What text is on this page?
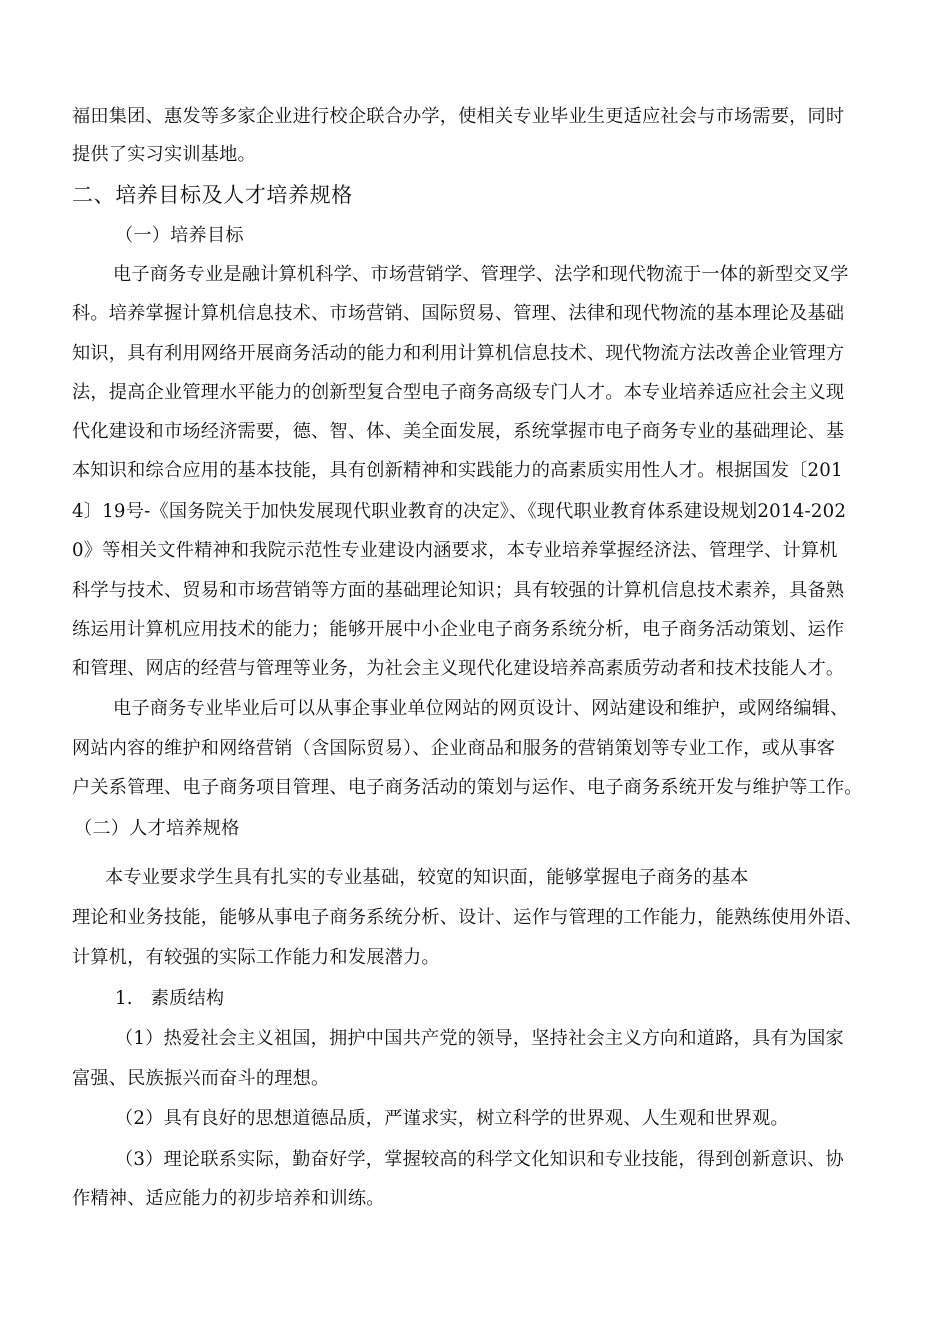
福田集团、惠发等多家企业进行校企联合办学，使相关专业毕业生更适应社会与市场需要，同时
提供了实习实训基地。
二、培养目标及人才培养规格
（一）培养目标
电子商务专业是融计算机科学、市场营销学、管理学、法学和现代物流于一体的新型交叉学
科。培养掌握计算机信息技术、市场营销、国际贸易、管理、法律和现代物流的基本理论及基础
知识，具有利用网络开展商务活动的能力和利用计算机信息技术、现代物流方法改善企业管理方
法，提高企业管理水平能力的创新型复合型电子商务高级专门人才。本专业培养适应社会主义现
代化建设和市场经济需要，德、智、体、美全面发展，系统掌握市电子商务专业的基础理论、基
本知识和综合应用的基本技能，具有创新精神和实践能力的高素质实用性人才。根据国发〔201
4〕19号-《国务院关于加快发展现代职业教育的决定》、《现代职业教育体系建设规划2014-202
0》等相关文件精神和我院示范性专业建设内涵要求，本专业培养掌握经济法、管理学、计算机
科学与技术、贸易和市场营销等方面的基础理论知识；具有较强的计算机信息技术素养，具备熟
练运用计算机应用技术的能力；能够开展中小企业电子商务系统分析，电子商务活动策划、运作
和管理、网店的经营与管理等业务，为社会主义现代化建设培养高素质劳动者和技术技能人才。
电子商务专业毕业后可以从事企事业单位网站的网页设计、网站建设和维护，或网络编辑、
网站内容的维护和网络营销（含国际贸易）、企业商品和服务的营销策划等专业工作，或从事客
户关系管理、电子商务项目管理、电子商务活动的策划与运作、电子商务系统开发与维护等工作。
（二）人才培养规格
本专业要求学生具有扎实的专业基础，较宽的知识面，能够掌握电子商务的基本
理论和业务技能，能够从事电子商务系统分析、设计、运作与管理的工作能力，能熟练使用外语、
计算机，有较强的实际工作能力和发展潜力。
1.   素质结构
（1）热爱社会主义祖国，拥护中国共产党的领导，坚持社会主义方向和道路，具有为国家
富强、民族振兴而奋斗的理想。
（2）具有良好的思想道德品质，严谨求实，树立科学的世界观、人生观和世界观。
（3）理论联系实际，勤奋好学，掌握较高的科学文化知识和专业技能，得到创新意识、协
作精神、适应能力的初步培养和训练。
